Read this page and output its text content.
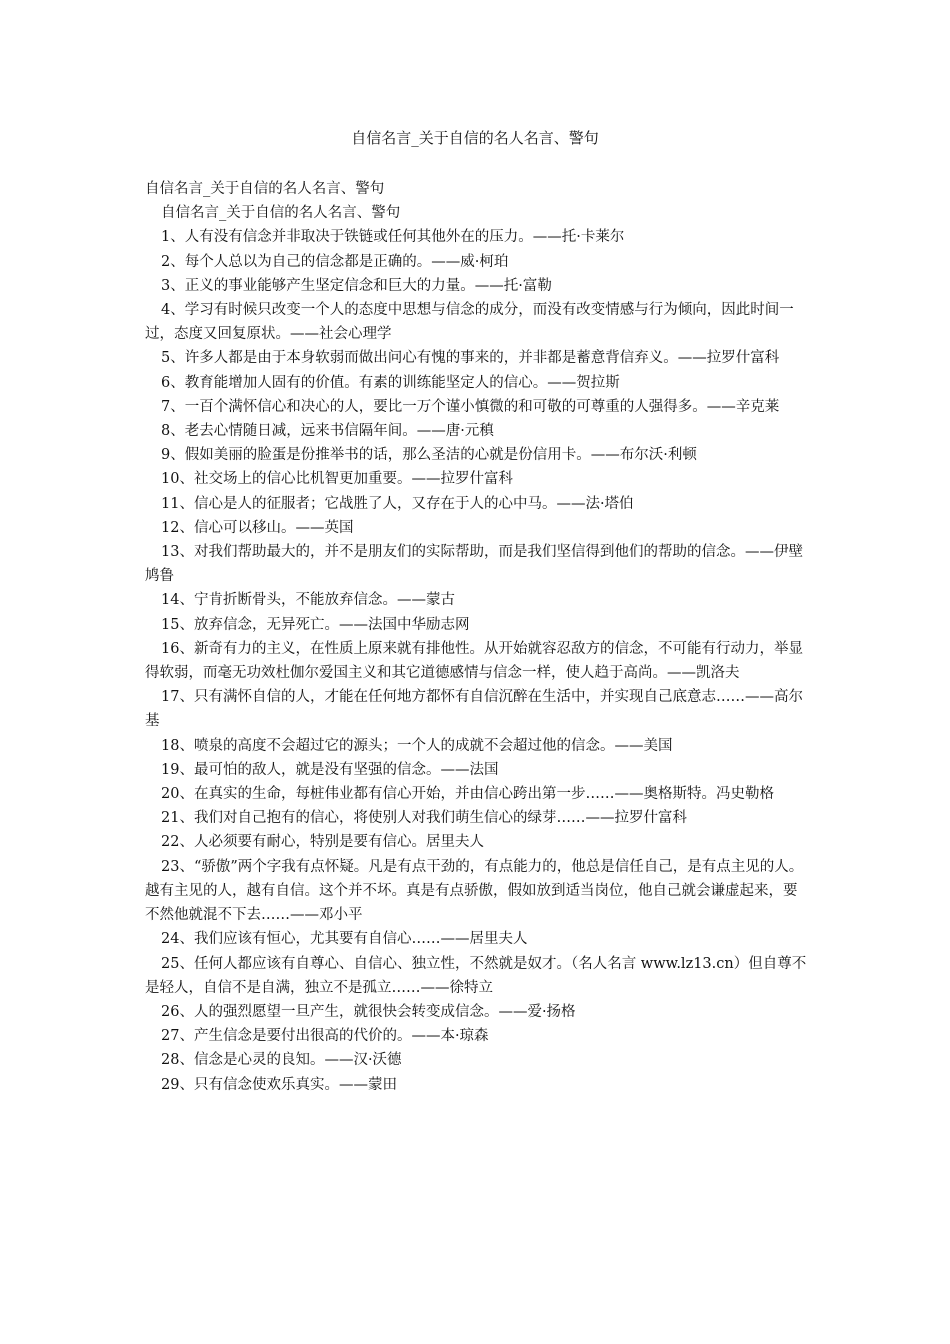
自信名言_关于自信的名人名言、警句

自信名言_关于自信的名人名言、警句

自信名言_关于自信的名人名言、警句

1、人有没有信念并非取决于铁链或任何其他外在的压力。——托·卡莱尔

2、每个人总以为自己的信念都是正确的。——威·柯珀

3、正义的事业能够产生坚定信念和巨大的力量。——托·富勒

4、学习有时候只改变一个人的态度中思想与信念的成分，而没有改变情感与行为倾向，因此时间一过，态度又回复原状。——社会心理学

5、许多人都是由于本身软弱而做出问心有愧的事来的，并非都是蓄意背信弃义。——拉罗什富科

6、教育能增加人固有的价值。有素的训练能坚定人的信心。——贺拉斯

7、一百个满怀信心和决心的人，要比一万个谨小慎微的和可敬的可尊重的人强得多。——辛克莱

8、老去心情随日减，远来书信隔年间。——唐·元稹

9、假如美丽的脸蛋是份推举书的话，那么圣洁的心就是份信用卡。——布尔沃·利顿

10、社交场上的信心比机智更加重要。——拉罗什富科

11、信心是人的征服者；它战胜了人，又存在于人的心中马。——法·塔伯

12、信心可以移山。——英国

13、对我们帮助最大的，并不是朋友们的实际帮助，而是我们坚信得到他们的帮助的信念。——伊壁鸠鲁

14、宁肯折断骨头，不能放弃信念。——蒙古

15、放弃信念，无异死亡。——法国中华励志网

16、新奇有力的主义，在性质上原来就有排他性。从开始就容忍敌方的信念，不可能有行动力，举显得软弱，而毫无功效杜伽尔爱国主义和其它道德感情与信念一样，使人趋于高尚。——凯洛夫

17、只有满怀自信的人，才能在任何地方都怀有自信沉醉在生活中，并实现自己底意志……——高尔基

18、喷泉的高度不会超过它的源头；一个人的成就不会超过他的信念。——美国

19、最可怕的敌人，就是没有坚强的信念。——法国

20、在真实的生命，每桩伟业都有信心开始，并由信心跨出第一步……——奥格斯特。冯史勒格

21、我们对自己抱有的信心，将使别人对我们萌生信心的绿芽……——拉罗什富科

22、人必须要有耐心，特别是要有信心。居里夫人

23、“骄傲”两个字我有点怀疑。凡是有点干劲的，有点能力的，他总是信任自己，是有点主见的人。越有主见的人，越有自信。这个并不坏。真是有点骄傲，假如放到适当岗位，他自己就会谦虚起来，要不然他就混不下去……——邓小平

24、我们应该有恒心，尤其要有自信心……——居里夫人

25、任何人都应该有自尊心、自信心、独立性，不然就是奴才。（名人名言 www.lz13.cn）但自尊不是轻人，自信不是自满，独立不是孤立……——徐特立

26、人的强烈愿望一旦产生，就很快会转变成信念。——爱·扬格

27、产生信念是要付出很高的代价的。——本·琼森

28、信念是心灵的良知。——汉·沃德

29、只有信念使欢乐真实。——蒙田
